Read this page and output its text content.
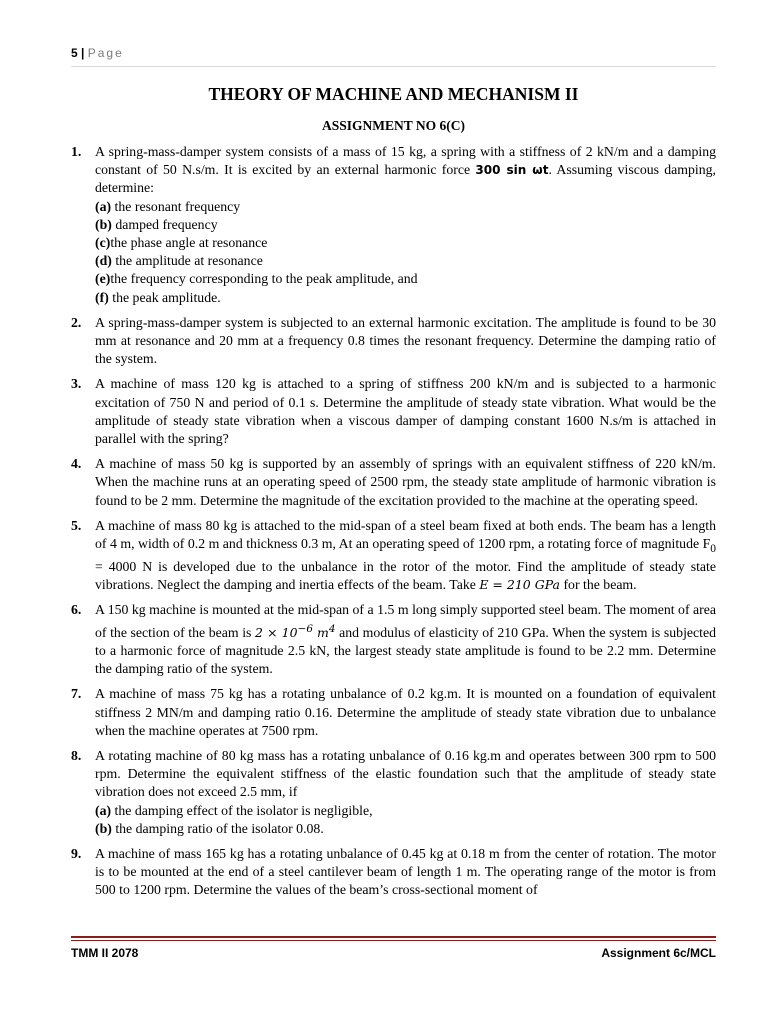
5 | Page
THEORY OF MACHINE AND MECHANISM II
ASSIGNMENT NO 6(C)
1. A spring-mass-damper system consists of a mass of 15 kg, a spring with a stiffness of 2 kN/m and a damping constant of 50 N.s/m. It is excited by an external harmonic force 300 sin ωt. Assuming viscous damping, determine:
(a) the resonant frequency
(b) damped frequency
(c)the phase angle at resonance
(d) the amplitude at resonance
(e)the frequency corresponding to the peak amplitude, and
(f) the peak amplitude.
2. A spring-mass-damper system is subjected to an external harmonic excitation. The amplitude is found to be 30 mm at resonance and 20 mm at a frequency 0.8 times the resonant frequency. Determine the damping ratio of the system.
3. A machine of mass 120 kg is attached to a spring of stiffness 200 kN/m and is subjected to a harmonic excitation of 750 N and period of 0.1 s. Determine the amplitude of steady state vibration. What would be the amplitude of steady state vibration when a viscous damper of damping constant 1600 N.s/m is attached in parallel with the spring?
4. A machine of mass 50 kg is supported by an assembly of springs with an equivalent stiffness of 220 kN/m. When the machine runs at an operating speed of 2500 rpm, the steady state amplitude of harmonic vibration is found to be 2 mm. Determine the magnitude of the excitation provided to the machine at the operating speed.
5. A machine of mass 80 kg is attached to the mid-span of a steel beam fixed at both ends. The beam has a length of 4 m, width of 0.2 m and thickness 0.3 m, At an operating speed of 1200 rpm, a rotating force of magnitude $F_0 = 4000$ N is developed due to the unbalance in the rotor of the motor. Find the amplitude of steady state vibrations. Neglect the damping and inertia effects of the beam. Take E = 210 GPa for the beam.
6. A 150 kg machine is mounted at the mid-span of a 1.5 m long simply supported steel beam. The moment of area of the section of the beam is $2 \times 10^{-6}$ $m^4$ and modulus of elasticity of 210 GPa. When the system is subjected to a harmonic force of magnitude 2.5 kN, the largest steady state amplitude is found to be 2.2 mm. Determine the damping ratio of the system.
7. A machine of mass 75 kg has a rotating unbalance of 0.2 kg.m. It is mounted on a foundation of equivalent stiffness 2 MN/m and damping ratio 0.16. Determine the amplitude of steady state vibration due to unbalance when the machine operates at 7500 rpm.
8. A rotating machine of 80 kg mass has a rotating unbalance of 0.16 kg.m and operates between 300 rpm to 500 rpm. Determine the equivalent stiffness of the elastic foundation such that the amplitude of steady state vibration does not exceed 2.5 mm, if
(a) the damping effect of the isolator is negligible,
(b) the damping ratio of the isolator 0.08.
9. A machine of mass 165 kg has a rotating unbalance of 0.45 kg at 0.18 m from the center of rotation. The motor is to be mounted at the end of a steel cantilever beam of length 1 m. The operating range of the motor is from 500 to 1200 rpm. Determine the values of the beam’s cross-sectional moment of
TMM II 2078	Assignment 6c/MCL
